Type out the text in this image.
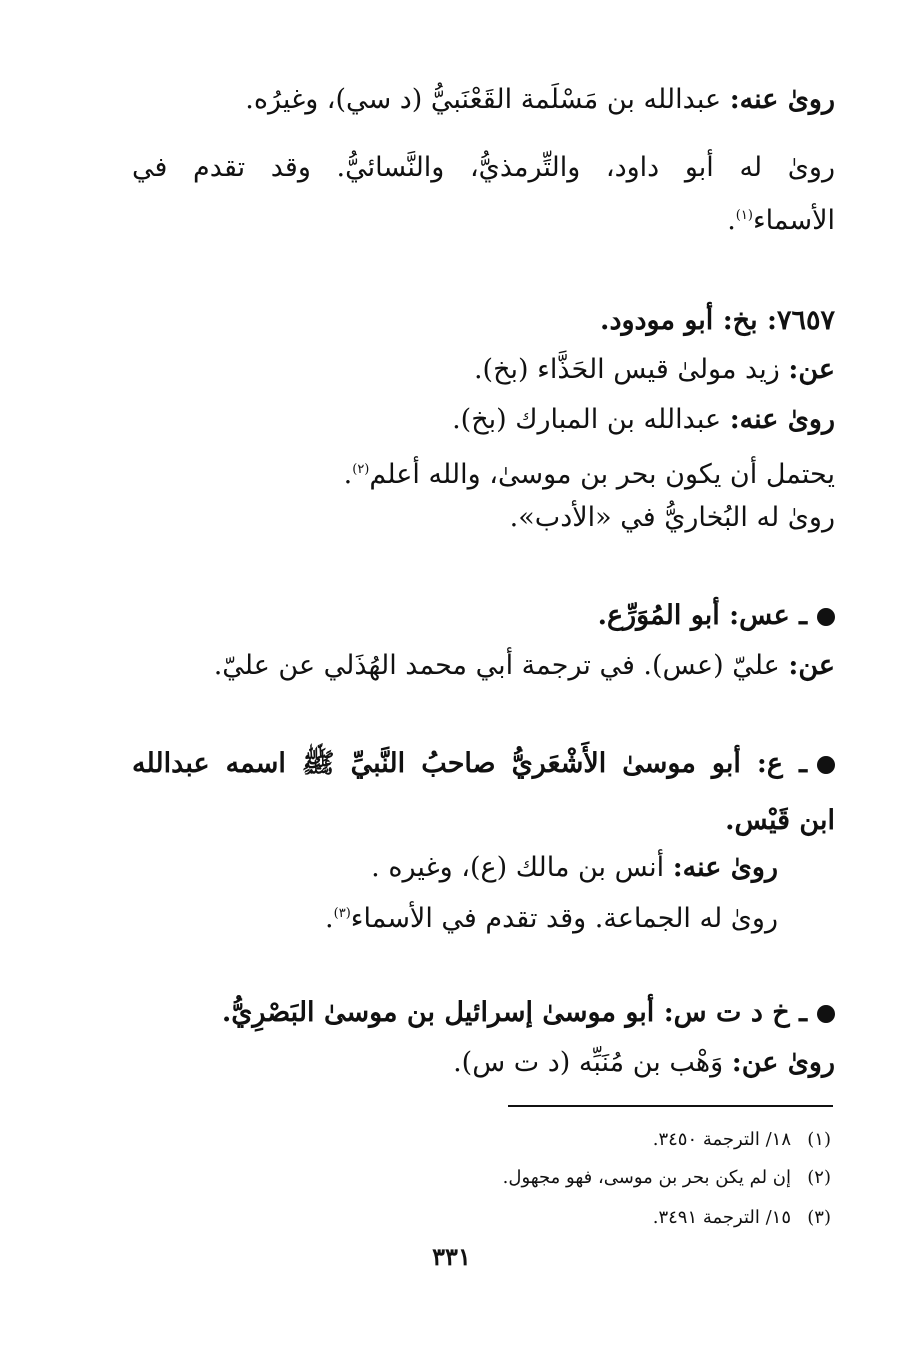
رویٰ عنه: عبدالله بن مَسْلَمة القَعْنَبيُّ (د سي)، وغيرُه.
رویٰ له أبو داود، والتِّرمذيُّ، والنَّسائيُّ. وقد تقدم في
الأسماء$^{(١)}$.
٧٦٥٧: بخ: أبو مودود.
عن: زيد مولىٰ قيس الحَذَّاء (بخ).
رویٰ عنه: عبدالله بن المبارك (بخ).
يحتمل أن يكون بحر بن موسىٰ، والله أعلم$^{(٢)}$.
رویٰ له البُخاريُّ في «الأدب».
ـ عس: أبو المُوَرِّع.
عن: عليّ (عس). في ترجمة أبي محمد الهُذَلي عن عليّ.
ـ ع: أبو موسىٰ الأَشْعَريُّ صاحبُ النَّبيِّ ﷺ اسمه عبدالله
ابن قَيْس.
رویٰ عنه: أنس بن مالك (ع)، وغيره .
رویٰ له الجماعة. وقد تقدم في الأسماء$^{(٣)}$.
ـ خ د ت س: أبو موسىٰ إسرائيل بن موسىٰ البَصْرِيُّ.
رویٰ عن: وَهْب بن مُنَبِّه (د ت س).
(١)١٨/ الترجمة ٣٤٥٠.
(٢)إن لم يكن بحر بن موسى، فهو مجهول.
(٣)١٥/ الترجمة ٣٤٩١.
٣٣١
